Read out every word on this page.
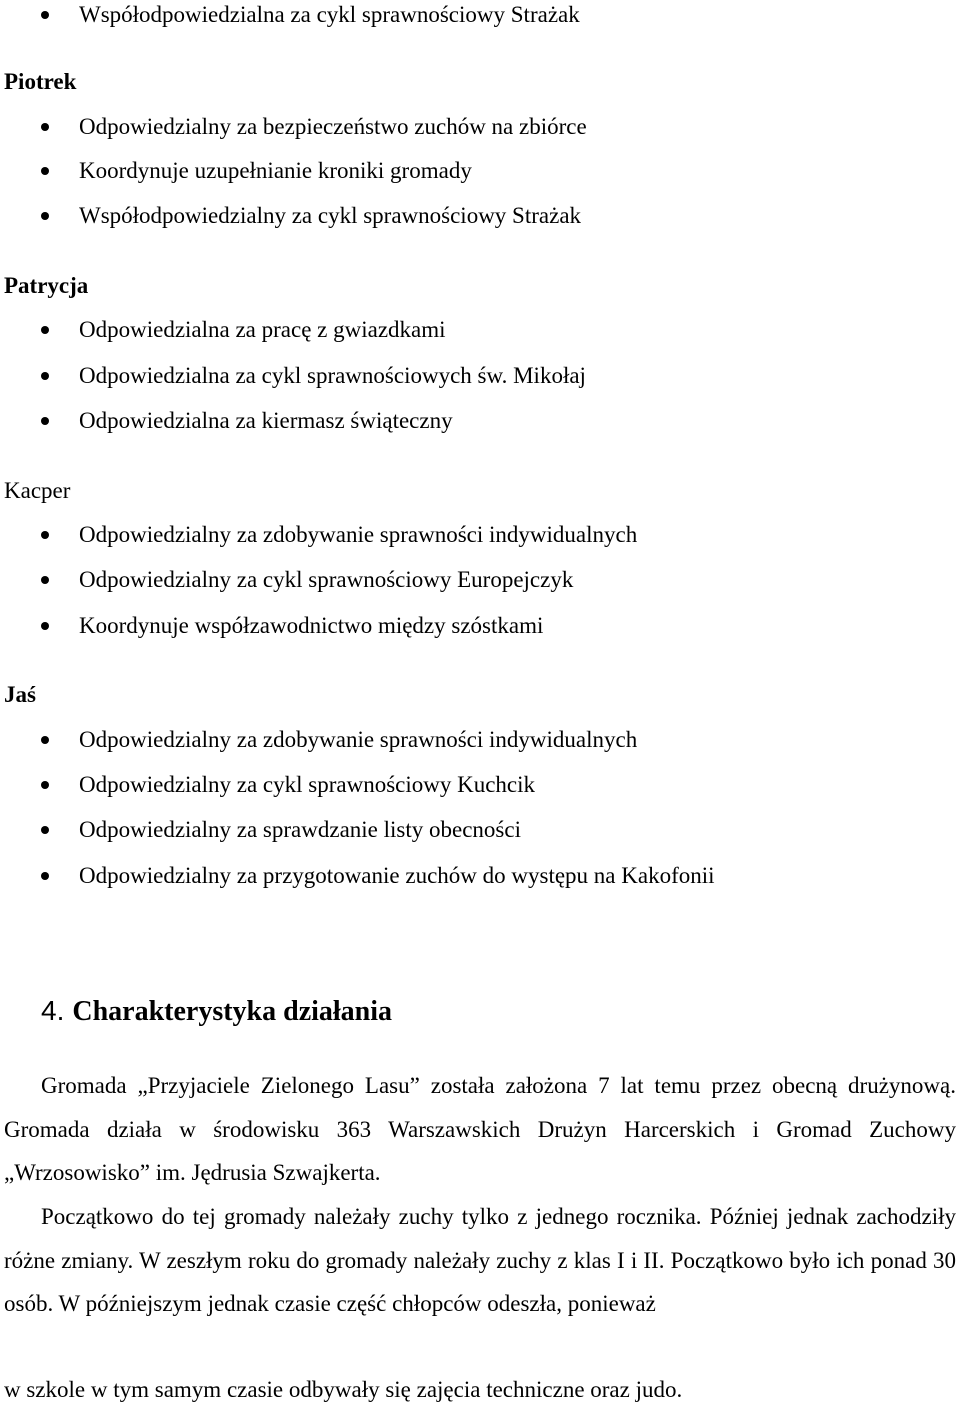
Współodpowiedzialna za cykl sprawnościowy Strażak
Piotrek
Odpowiedzialny za bezpieczeństwo zuchów na zbiórce
Koordynuje uzupełnianie kroniki gromady
Współodpowiedzialny za cykl sprawnościowy Strażak
Patrycja
Odpowiedzialna za pracę z gwiazdkami
Odpowiedzialna za cykl sprawnościowych św. Mikołaj
Odpowiedzialna za kiermasz świąteczny
Kacper
Odpowiedzialny za zdobywanie sprawności indywidualnych
Odpowiedzialny za cykl sprawnościowy Europejczyk
Koordynuje współzawodnictwo między szóstkami
Jaś
Odpowiedzialny za zdobywanie sprawności indywidualnych
Odpowiedzialny za cykl sprawnościowy Kuchcik
Odpowiedzialny za sprawdzanie listy obecności
Odpowiedzialny za przygotowanie zuchów do występu na Kakofonii
4. Charakterystyka działania

Gromada „Przyjaciele Zielonego Lasu” została założona 7 lat temu przez obecną drużynową. Gromada działa w środowisku 363 Warszawskich Drużyn Harcerskich i Gromad Zuchowy „Wrzosowisko” im. Jędrusia Szwajkerta.

Początkowo do tej gromady należały zuchy tylko z jednego rocznika. Później jednak zachodziły różne zmiany. W zeszłym roku do gromady należały zuchy z klas I i II. Początkowo było ich ponad 30 osób. W późniejszym jednak czasie część chłopców odeszła, ponieważ

w szkole w tym samym czasie odbywały się zajęcia techniczne oraz judo.
